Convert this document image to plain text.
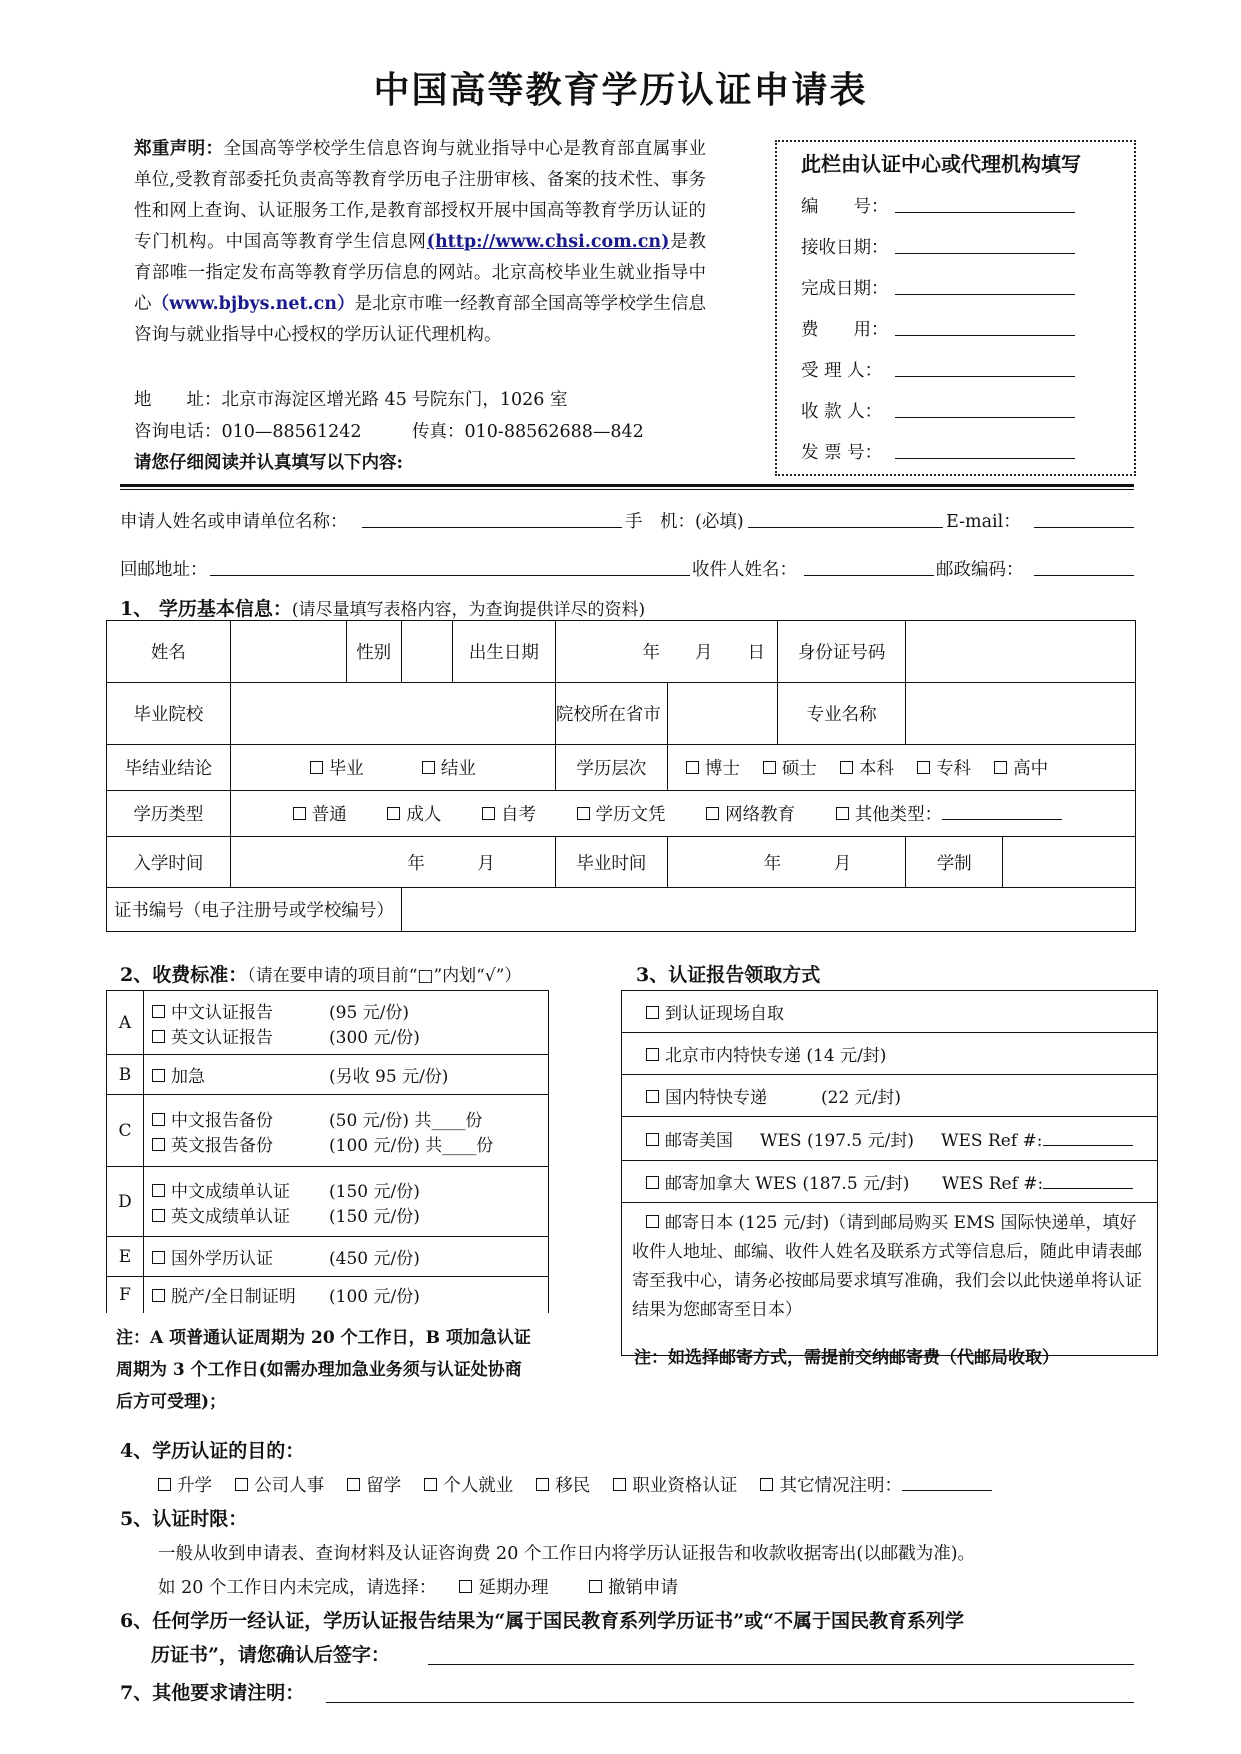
中国高等教育学历认证申请表
郑重声明：全国高等学校学生信息咨询与就业指导中心是教育部直属事业单位,受教育部委托负责高等教育学历电子注册审核、备案的技术性、事务性和网上查询、认证服务工作,是教育部授权开展中国高等教育学历认证的专门机构。中国高等教育学生信息网(http://www.chsi.com.cn)是教育部唯一指定发布高等教育学历信息的网站。北京高校毕业生就业指导中心（www.bjbys.net.cn）是北京市唯一经教育部全国高等学校学生信息咨询与就业指导中心授权的学历认证代理机构。
地　　址：北京市海淀区增光路 45 号院东门，1026 室
咨询电话：010—88561242	传真：010-88562688—842
请您仔细阅读并认真填写以下内容:
此栏由认证中心或代理机构填写
编　　号：
接收日期：
完成日期：
费　　用：
受 理 人：
收 款 人：
发 票 号：
申请人姓名或申请单位名称：	手　机：(必填)	E-mail：
回邮地址：	收件人姓名：	邮政编码：
1、 学历基本信息：(请尽量填写表格内容，为查询提供详尽的资料)
姓名		性别		出生日期	年   月   日		身份证号码	
毕业院校					院校所在省市		专业名称	
毕结业结论	毕业    结业				学历层次	博士  硕士  本科  专科  高中		
学历类型	普通   成人   自考   学历文凭   网络教育   其他类型：							
入学时间	年    月				毕业时间	年    月		学制

证书编号（电子注册号或学校编号）								
2、收费标准：（请在要申请的项目前“□”内划“√”）	3、认证报告领取方式
A	中文认证报告 (95 元/份)
英文认证报告 (300 元/份)

B	加急 (另收 95 元/份)

C	中文报告备份 (50 元/份) 共____份
英文报告备份 (100 元/份) 共____份

D	中文成绩单认证 (150 元/份)
英文成绩单认证 (150 元/份)

E	国外学历认证 (450 元/份)

F	脱产/全日制证明 (100 元/份)
注：A 项普通认证周期为 20 个工作日，B 项加急认证周期为 3 个工作日(如需办理加急业务须与认证处协商后方可受理)；
到认证现场自取
北京市内特快专递 (14 元/封)
国内特快专递          (22 元/封)
邮寄美国     WES (197.5 元/封)     WES Ref #:
邮寄加拿大 WES (187.5 元/封)      WES Ref #:
邮寄日本 (125 元/封)（请到邮局购买 EMS 国际快递单，填好收件人地址、邮编、收件人姓名及联系方式等信息后，随此申请表邮寄至我中心，请务必按邮局要求填写准确，我们会以此快递单将认证结果为您邮寄至日本）
注：如选择邮寄方式，需提前交纳邮寄费（代邮局收取）
4、学历认证的目的：
升学  公司人事  留学  个人就业  移民  职业资格认证  其它情况注明：
5、认证时限：
一般从收到申请表、查询材料及认证咨询费 20 个工作日内将学历认证报告和收款收据寄出(以邮戳为准)。
如 20 个工作日内未完成，请选择：  延期办理  	撤销申请
6、任何学历一经认证，学历认证报告结果为“属于国民教育系列学历证书”或“不属于国民教育系列学
历证书”，请您确认后签字：
7、其他要求请注明：
